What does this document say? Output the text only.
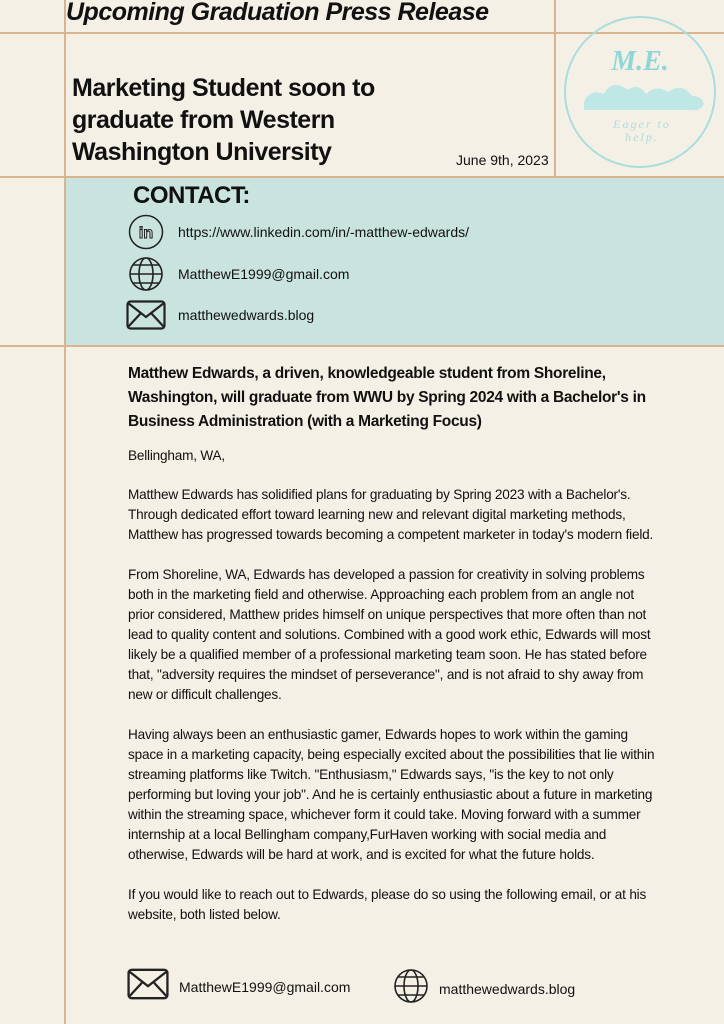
Upcoming Graduation Press Release
Marketing Student soon to graduate from Western Washington University	June 9th, 2023
M.E.
Eager to
help.
CONTACT:
in https://www.linkedin.com/in/-matthew-edwards/
MatthewE1999@gmail.com
matthewedwards.blog

Matthew Edwards, a driven, knowledgeable student from Shoreline, Washington, will graduate from WWU by Spring 2024 with a Bachelor's in Business Administration (with a Marketing Focus)

Bellingham, WA,

Matthew Edwards has solidified plans for graduating by Spring 2023 with a Bachelor's. Through dedicated effort toward learning new and relevant digital marketing methods, Matthew has progressed towards becoming a competent marketer in today's modern field.

From Shoreline, WA, Edwards has developed a passion for creativity in solving problems both in the marketing field and otherwise. Approaching each problem from an angle not prior considered, Matthew prides himself on unique perspectives that more often than not lead to quality content and solutions. Combined with a good work ethic, Edwards will most likely be a qualified member of a professional marketing team soon. He has stated before that, "adversity requires the mindset of perseverance", and is not afraid to shy away from new or difficult challenges.

Having always been an enthusiastic gamer, Edwards hopes to work within the gaming space in a marketing capacity, being especially excited about the possibilities that lie within streaming platforms like Twitch. "Enthusiasm," Edwards says, "is the key to not only performing but loving your job". And he is certainly enthusiastic about a future in marketing within the streaming space, whichever form it could take. Moving forward with a summer internship at a local Bellingham company,FurHaven working with social media and otherwise, Edwards will be hard at work, and is excited for what the future holds.

If you would like to reach out to Edwards, please do so using the following email, or at his website, both listed below.

MatthewE1999@gmail.com	matthewedwards.blog
